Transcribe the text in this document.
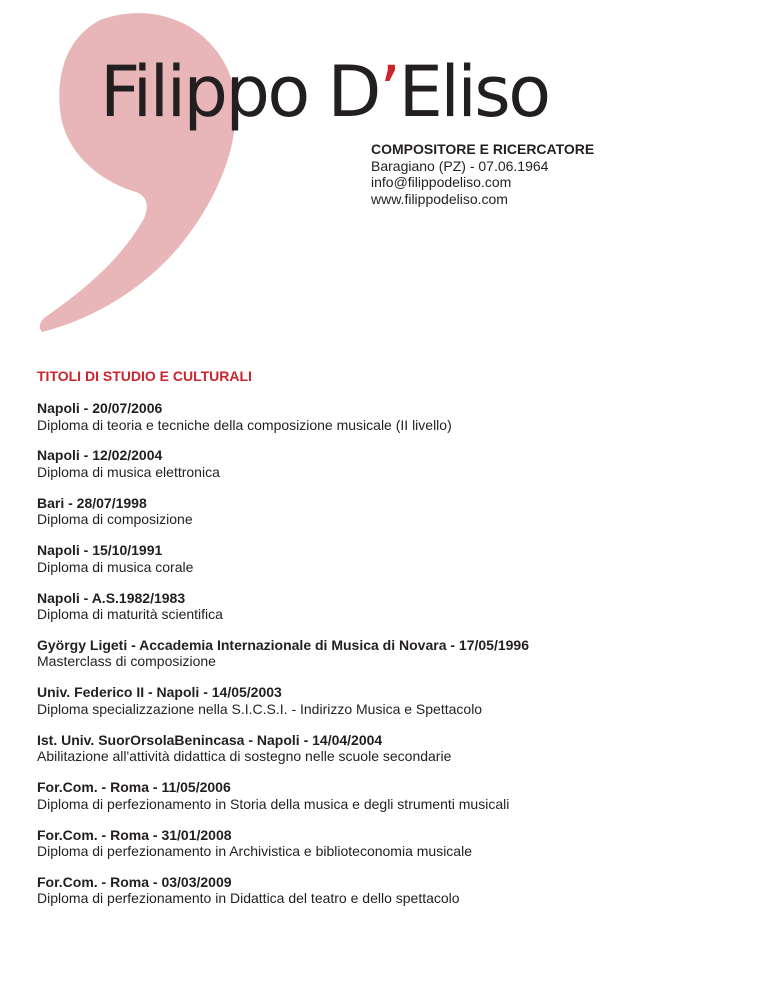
Filippo D’Eliso
COMPOSITORE E RICERCATORE
Baragiano (PZ) - 07.06.1964
info@filippodeliso.com
www.filippodeliso.com
TITOLI DI STUDIO E CULTURALI
Napoli - 20/07/2006
Diploma di teoria e tecniche della composizione musicale (II livello)
Napoli - 12/02/2004
Diploma di musica elettronica
Bari - 28/07/1998
Diploma di composizione
Napoli - 15/10/1991
Diploma di musica corale
Napoli - A.S.1982/1983
Diploma di maturità scientifica
György Ligeti - Accademia Internazionale di Musica di Novara - 17/05/1996
Masterclass di composizione
Univ. Federico II - Napoli - 14/05/2003
Diploma specializzazione nella S.I.C.S.I. - Indirizzo Musica e Spettacolo
Ist. Univ. SuorOrsolaBenincasa - Napoli - 14/04/2004
Abilitazione all'attività didattica di sostegno nelle scuole secondarie
For.Com. - Roma - 11/05/2006
Diploma di perfezionamento in Storia della musica e degli strumenti musicali
For.Com. - Roma - 31/01/2008
Diploma di perfezionamento in Archivistica e biblioteconomia musicale
For.Com. - Roma - 03/03/2009
Diploma di perfezionamento in Didattica del teatro e dello spettacolo
